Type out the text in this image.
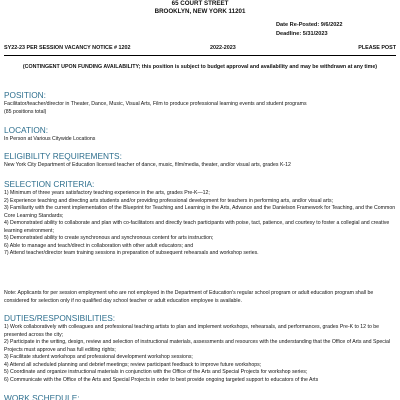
65 COURT STREET
BROOKLYN, NEW YORK 11201
Date Re-Posted: 9/6/2022
Deadline: 5/31/2023
SY22-23 PER SESSION VACANCY NOTICE # 1202	2022-2023	PLEASE POST
(CONTINGENT UPON FUNDING AVAILABILITY; this position is subject to budget approval and availability and may be withdrawn at any time)
POSITION:

Facilitator/teacher/director in Theater, Dance, Music, Visual Arts, Film to produce professional learning events and student programs

(85 positions total)

LOCATION:

In Person at Various Citywide Locations

ELIGIBILITY REQUIREMENTS:

New York City Department of Education licensed teacher of dance, music, film/media, theater, and/or visual arts, grades K-12

SELECTION CRITERIA:

1) Minimum of three years satisfactory teaching experience in the arts, grades Pre-K—12;

2) Experience teaching and directing arts students and/or providing professional development for teachers in performing arts, and/or visual arts;

3) Familiarity with the current implementation of the Blueprint for Teaching and Learning in the Arts, Advance and the Danielson Framework for Teaching, and the Common Core Learning Standards;

4) Demonstrated ability to collaborate and plan with co-facilitators and directly teach participants with poise, tact, patience, and courtesy to foster a collegial and creative learning environment;

5) Demonstrated ability to create synchronous and synchronous content for arts instruction;

6) Able to manage and teach/direct in collaboration with other adult educators; and

7) Attend teacher/director team training sessions in preparation of subsequent rehearsals and workshop series.

Note: Applicants for per session employment who are not employed in the Department of Education's regular school program or adult education program shall be considered for selection only if no qualified day school teacher or adult education employee is available.

DUTIES/RESPONSIBILITIES:

1) Work collaboratively with colleagues and professional teaching artists to plan and implement workshops, rehearsals, and performances, grades Pre-K to 12 to be presented across the city;

2) Participate in the writing, design, review and selection of instructional materials, assessments and resources with the understanding that the Office of Arts and Special Projects must approve and has full editing rights;

3) Facilitate student workshops and professional development workshop sessions;

4) Attend all scheduled planning and debrief meetings; review participant feedback to improve future workshops;

5) Coordinate and organize instructional materials in conjunction with the Office of the Arts and Special Projects for workshop series;

6) Communicate with the Office of the Arts and Special Projects in order to best provide ongoing targeted support to educators of the Arts

WORK SCHEDULE:
